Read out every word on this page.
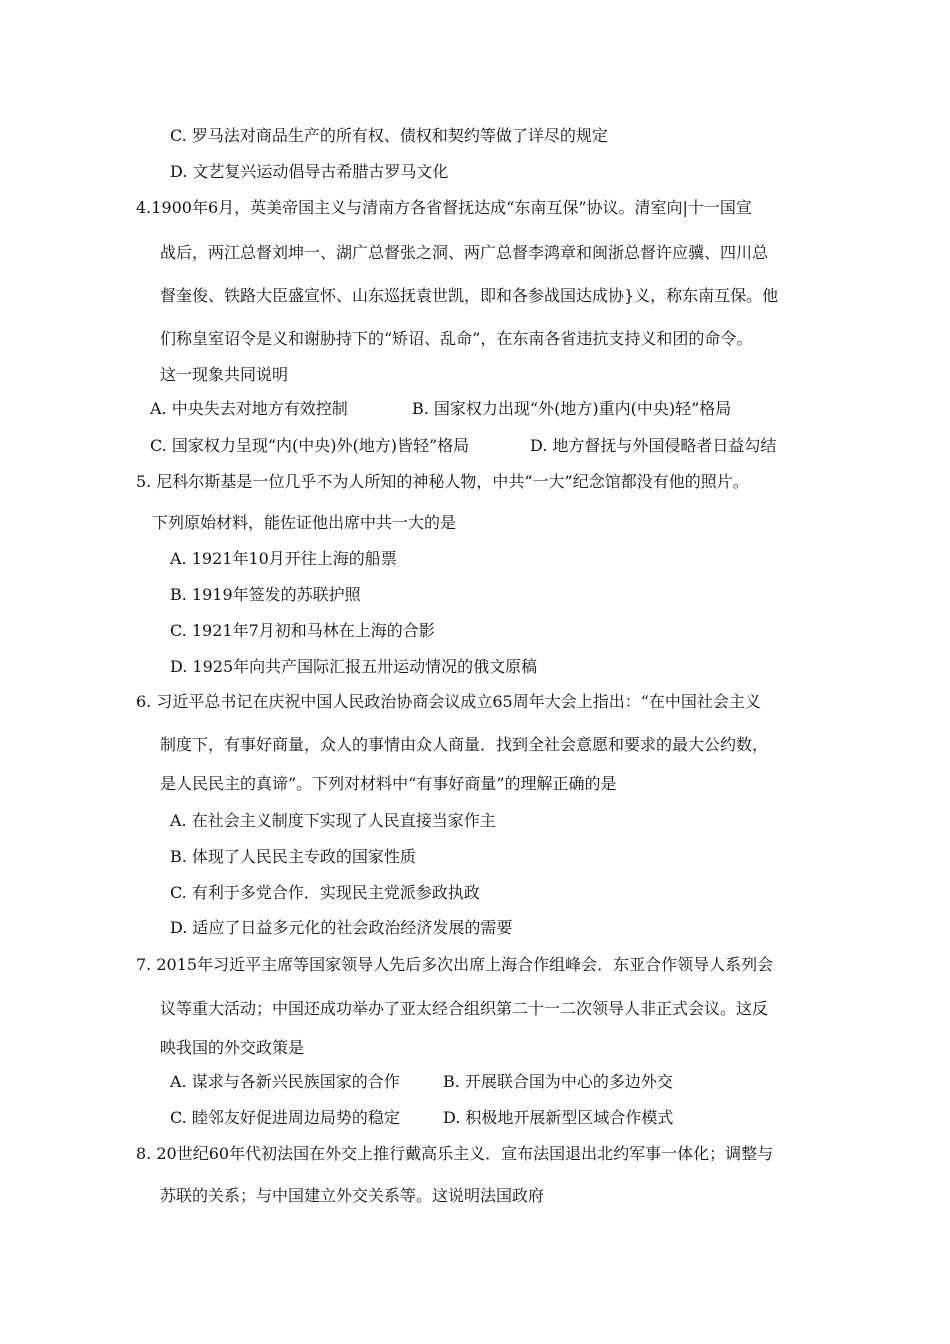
C. 罗马法对商品生产的所有权、债权和契约等做了详尽的规定
D. 文艺复兴运动倡导古希腊古罗马文化
4.1900年6月，英美帝国主义与清南方各省督抚达成“东南互保”协议。清室向|十一国宣
战后，两江总督刘坤一、湖广总督张之洞、两广总督李鸿章和闽浙总督许应骥、四川总
督奎俊、铁路大臣盛宣怀、山东巡抚袁世凯，即和各参战国达成协}义，称东南互保。他
们称皇室诏令是义和谢胁持下的“矫诏、乱命”，在东南各省违抗支持义和团的命令。
这一现象共同说明
A. 中央失去对地方有效控制	B. 国家权力出现“外(地方)重内(中央)轻”格局
C. 国家权力呈现“内(中央)外(地方)皆轻”格局	D. 地方督抚与外国侵略者日益勾结
5. 尼科尔斯基是一位几乎不为人所知的神秘人物，中共“一大”纪念馆都没有他的照片。
下列原始材料，能佐证他出席中共一大的是
A. 1921年10月开往上海的船票
B. 1919年签发的苏联护照
C. 1921年7月初和马林在上海的合影
D. 1925年向共产国际汇报五卅运动情况的俄文原稿
6. 习近平总书记在庆祝中国人民政治协商会议成立65周年大会上指出：“在中国社会主义
制度下，有事好商量，众人的事情由众人商量．找到全社会意愿和要求的最大公约数，
是人民民主的真谛”。下列对材料中“有事好商量”的理解正确的是
A. 在社会主义制度下实现了人民直接当家作主
B. 体现了人民民主专政的国家性质
C. 有利于多党合作．实现民主党派参政执政
D. 适应了日益多元化的社会政治经济发展的需要
7. 2015年习近平主席等国家领导人先后多次出席上海合作组峰会．东亚合作领导人系列会
议等重大活动；中国还成功举办了亚太经合组织第二十一二次领导人非正式会议。这反
映我国的外交政策是
A. 谋求与各新兴民族国家的合作	B. 开展联合国为中心的多边外交
C. 睦邻友好促进周边局势的稳定	D. 积极地开展新型区域合作模式
8. 20世纪60年代初法国在外交上推行戴高乐主义．宣布法国退出北约军事一体化；调整与
苏联的关系；与中国建立外交关系等。这说明法国政府
